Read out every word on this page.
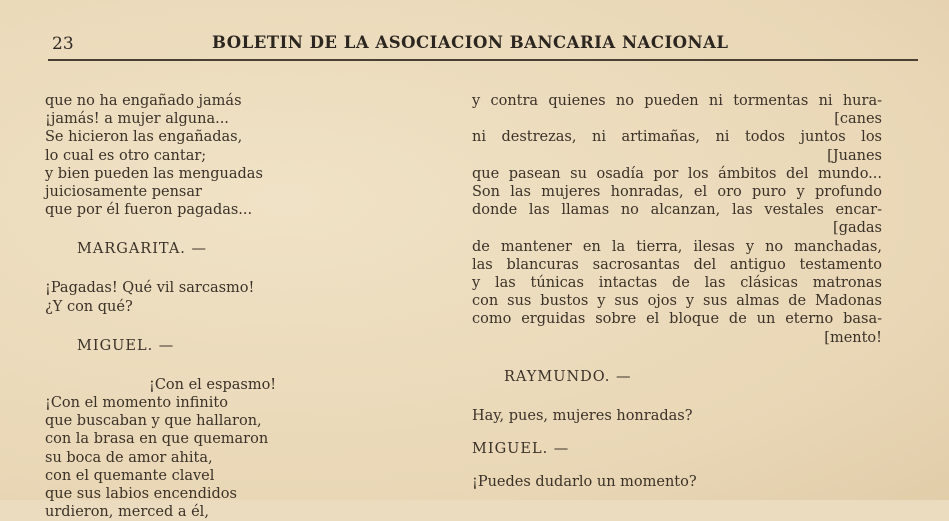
23	BOLETIN DE LA ASOCIACION BANCARIA NACIONAL
que no ha engañado jamás
¡jamás! a mujer alguna...
Se hicieron las engañadas,
lo cual es otro cantar;
y bien pueden las menguadas
juiciosamente pensar
que por él fueron pagadas...
MARGARITA. —
¡Pagadas! Qué vil sarcasmo!
¿Y con qué?
MIGUEL. —
¡Con el espasmo!
¡Con el momento infinito
que buscaban y que hallaron,
con la brasa en que quemaron
su boca de amor ahita,
con el quemante clavel
que sus labios encendidos
urdieron, merced a él,
y contra quienes no pueden ni tormentas ni hura-
[canes
ni destrezas, ni artimañas, ni todos juntos los
[Juanes
que pasean su osadía por los ámbitos del mundo...
Son las mujeres honradas, el oro puro y profundo
donde las llamas no alcanzan, las vestales encar-
[gadas
de mantener en la tierra, ilesas y no manchadas,
las blancuras sacrosantas del antiguo testamento
y las túnicas intactas de las clásicas matronas
con sus bustos y sus ojos y sus almas de Madonas
como erguidas sobre el bloque de un eterno basa-
[mento!
RAYMUNDO. —
Hay, pues, mujeres honradas?
MIGUEL. —
¡Puedes dudarlo un momento?
